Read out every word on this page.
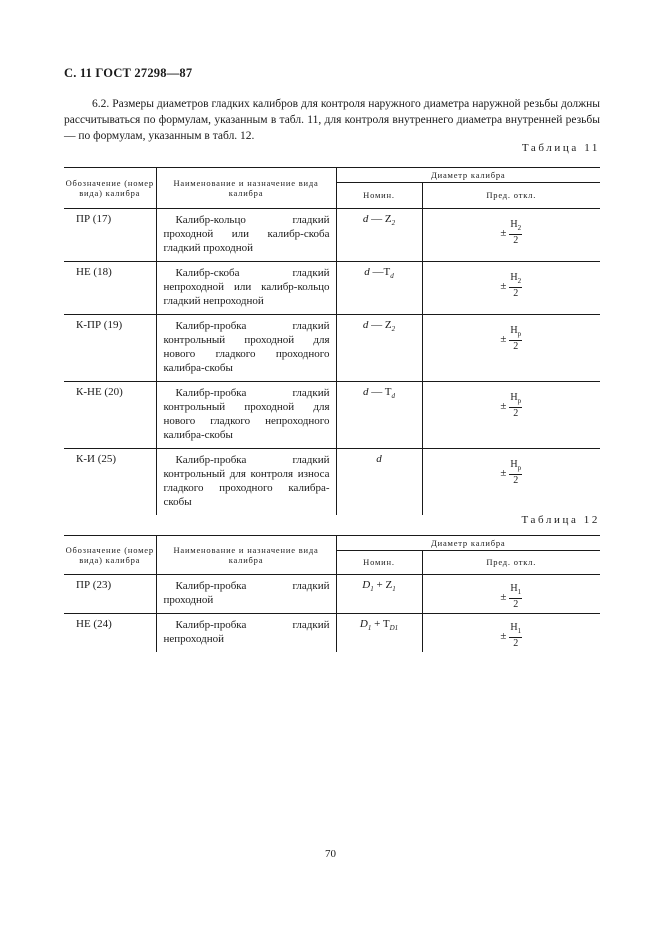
С. 11 ГОСТ 27298—87

6.2. Размеры диаметров гладких калибров для контроля наружного диаметра наружной резьбы должны рассчитываться по формулам, указанным в табл. 11, для контроля внутреннего диаметра внутренней резьбы — по формулам, указанным в табл. 12.

Таблица 11
Обозначение (номер вида) калибра	Наименование и назначение вида калибра	Диаметр калибра	
		Номин.	Пред. откл.
ПР (17)	Калибр-кольцо гладкий проходной или калибр-скоба гладкий проходной	d — $Z_2$	± $\frac{H_2}{2}$

НЕ (18)	Калибр-скоба гладкий непроходной или калибр-кольцо гладкий непроходной	d $—T_d$	± $\frac{H_2}{2}$

К-ПР (19)	Калибр-пробка гладкий контрольный проходной для нового гладкого проходного калибра-скобы	d — $Z_2$	± $\frac{H_p}{2}$

К-НЕ (20)	Калибр-пробка гладкий контрольный проходной для нового гладкого непроходного калибра-скобы	d — $T_d$	± $\frac{H_p}{2}$

К-И (25)	Калибр-пробка гладкий контрольный для контроля износа гладкого проходного калибра-скобы	d	± $\frac{H_p}{2}$
Таблица 12
Обозначение (номер вида) калибра	Наименование и назначение вида калибра	Диаметр калибра	
		Номин.	Пред. откл.
ПР (23)	Калибр-пробка гладкий проходной	$D_1 + Z_1$	± $\frac{H_1}{2}$

НЕ (24)	Калибр-пробка гладкий непроходной	$D_1 + T_{D1}$	± $\frac{H_1}{2}$
70
